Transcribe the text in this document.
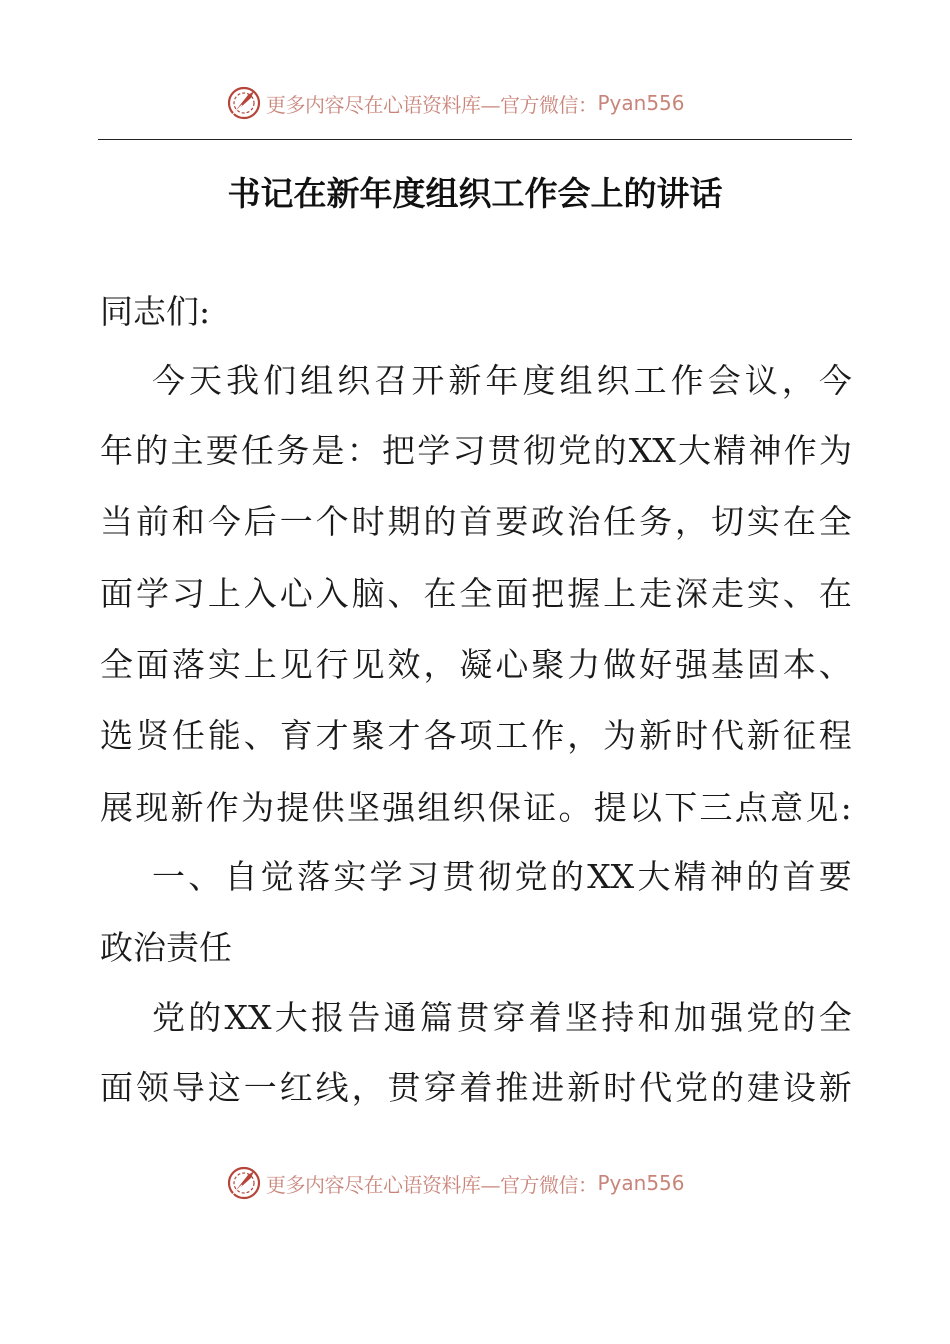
更多内容尽在心语资料库—官方微信： Pyan556
书记在新年度组织工作会上的讲话
同志们:
今 天 我 们 组 织 召 开 新 年 度 组 织 工 作 会 议 ， 今
年 的 主 要 任 务 是 ： 把 学 习 贯 彻 党 的 XX 大 精 神 作 为
当 前 和 今 后 一 个 时 期 的 首 要 政 治 任 务 ， 切 实 在 全
面 学 习 上 入 心 入 脑 、 在 全 面 把 握 上 走 深 走 实 、 在
全 面 落 实 上 见 行 见 效 ， 凝 心 聚 力 做 好 强 基 固 本 、
选 贤 任 能 、 育 才 聚 才 各 项 工 作 ， 为 新 时 代 新 征 程
展 现 新 作 为 提 供 坚 强 组 织 保 证 。 提 以 下 三 点 意 见 :
一 、 自 觉 落 实 学 习 贯 彻 党 的 XX 大 精 神 的 首 要
政治责任
党 的 XX 大 报 告 通 篇 贯 穿 着 坚 持 和 加 强 党 的 全
面 领 导 这 一 红 线 ， 贯 穿 着 推 进 新 时 代 党 的 建 设 新
更多内容尽在心语资料库—官方微信： Pyan556
